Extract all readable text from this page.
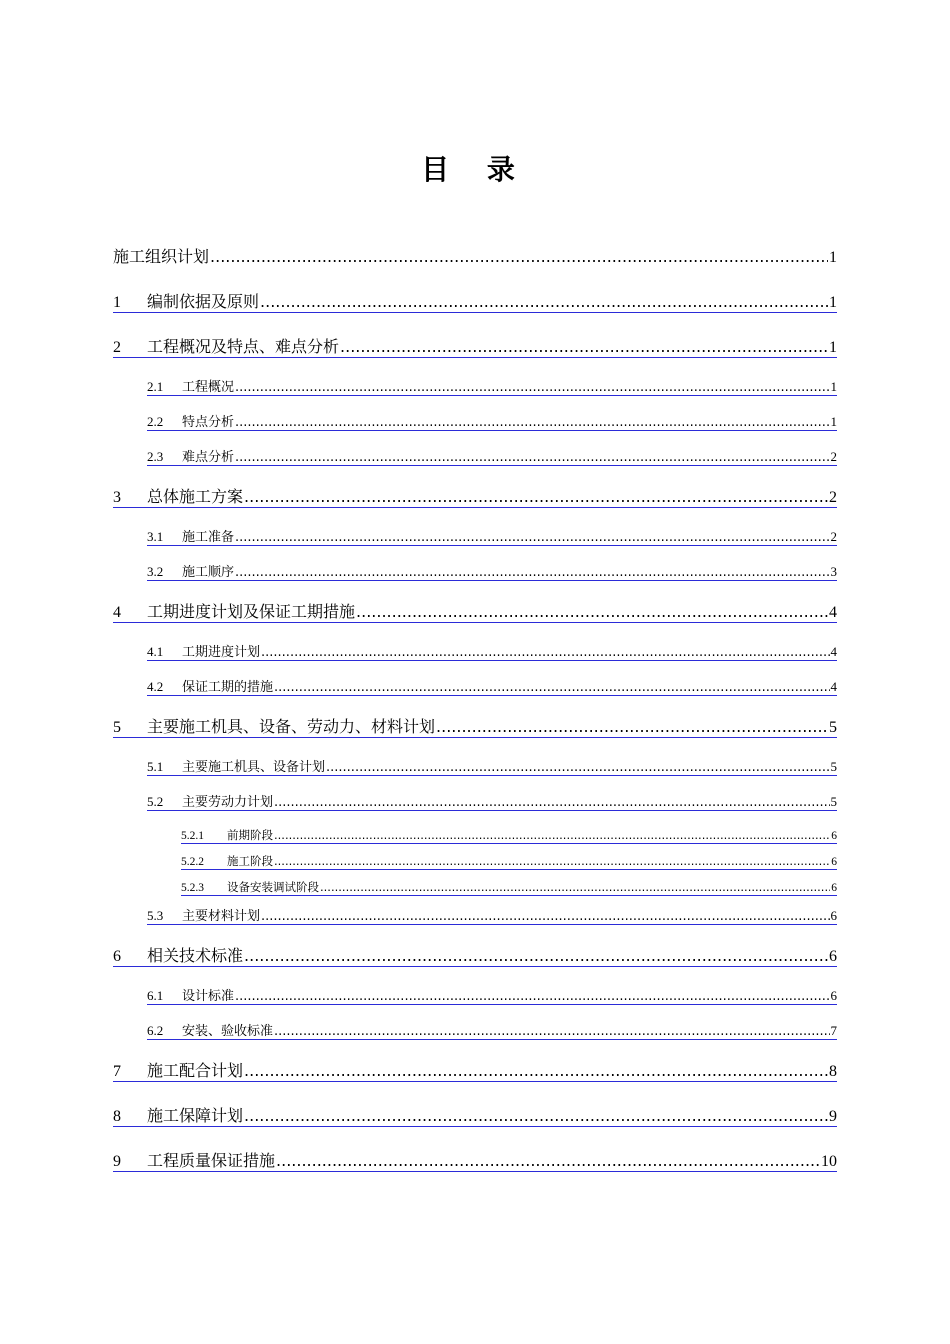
目 录
施工组织计划 .....	1
1	编制依据及原则 .....	1
2	工程概况及特点、难点分析 .....	1
2.1	工程概况 .....	1
2.2	特点分析 .....	1
2.3	难点分析 .....	2
3	总体施工方案 .....	2
3.1	施工准备 .....	2
3.2	施工顺序 .....	3
4	工期进度计划及保证工期措施 .....	4
4.1	工期进度计划 .....	4
4.2	保证工期的措施 .....	4
5	主要施工机具、设备、劳动力、材料计划 .....	5
5.1	主要施工机具、设备计划 .....	5
5.2	主要劳动力计划 .....	5
5.2.1	前期阶段 .....	6
5.2.2	施工阶段 .....	6
5.2.3	设备安装调试阶段 .....	6
5.3	主要材料计划 .....	6
6	相关技术标准 .....	6
6.1	设计标准 .....	6
6.2	安装、验收标准 .....	7
7	施工配合计划 .....	8
8	施工保障计划 .....	9
9	工程质量保证措施 .....	10
